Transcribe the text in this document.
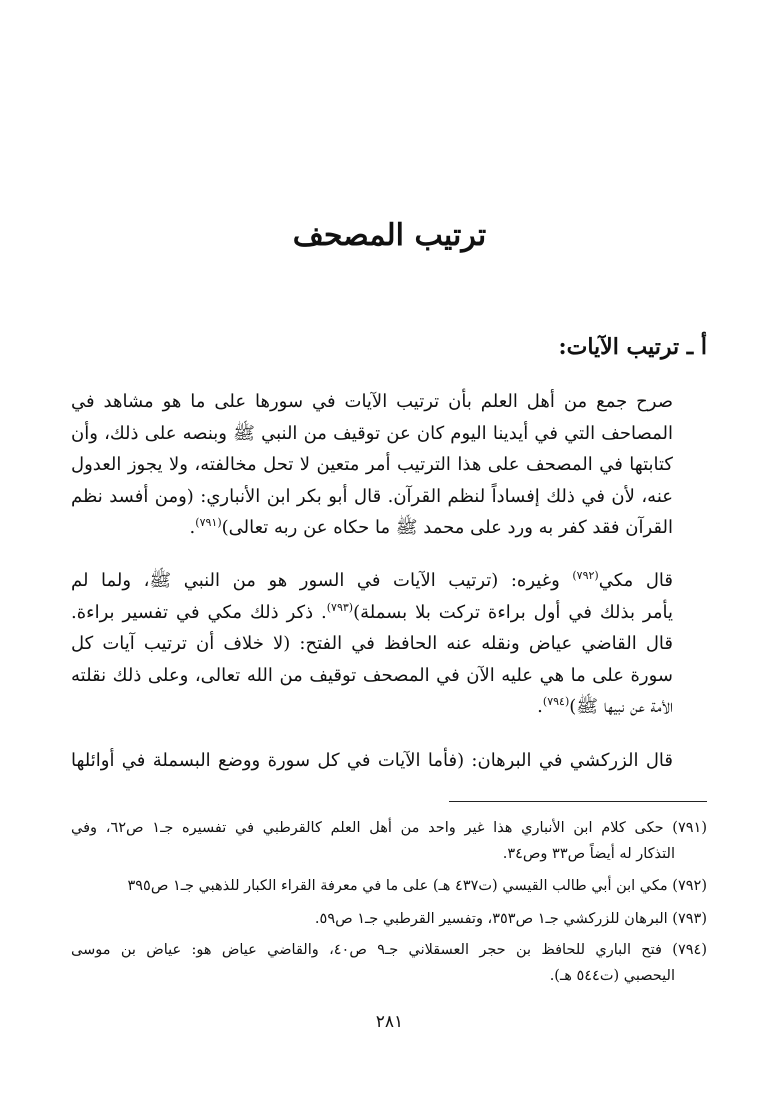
ترتيب المصحف
أ ـ ترتيب الآيات:
صرح جمع من أهل العلم بأن ترتيب الآيات في سورها على ما هو مشاهد في
المصاحف التي في أيدينا اليوم كان عن توقيف من النبي ﷺ وبنصه على ذلك، وأن
كتابتها في المصحف على هذا الترتيب أمر متعين لا تحل مخالفته، ولا يجوز العدول
عنه، لأن في ذلك إفساداً لنظم القرآن. قال أبو بكر ابن الأنباري: (ومن أفسد نظم
القرآن فقد كفر به ورد على محمد ﷺ ما حكاه عن ربه تعالى)$^{(٧٩١)}$.
قال مكي$^{(٧٩٢)}$ وغيره: (ترتيب الآيات في السور هو من النبي ﷺ، ولما لم
يأمر بذلك في أول براءة تركت بلا بسملة)$^{(٧٩٣)}$. ذكر ذلك مكي في تفسير براءة.
قال القاضي عياض ونقله عنه الحافظ في الفتح: (لا خلاف أن ترتيب آيات كل
سورة على ما هي عليه الآن في المصحف توقيف من الله تعالى، وعلى ذلك نقلته
الأمة عن نبيها ﷺ)$^{(٧٩٤)}$.
قال الزركشي في البرهان: (فأما الآيات في كل سورة ووضع البسملة في أوائلها
(٧٩١) حكى كلام ابن الأنباري هذا غير واحد من أهل العلم كالقرطبي في تفسيره جـ١ ص٦٢، وفي
التذكار له أيضاً ص٣٣ وص٣٤.
(٧٩٢) مكي ابن أبي طالب القيسي (ت٤٣٧ هـ) على ما في معرفة القراء الكبار للذهبي جـ١ ص٣٩٥
(٧٩٣) البرهان للزركشي جـ١ ص٣٥٣، وتفسير القرطبي جـ١ ص٥٩.
(٧٩٤) فتح الباري للحافظ بن حجر العسقلاني جـ٩ ص٤٠، والقاضي عياض هو: عياض بن موسى
اليحصبي (ت٥٤٤ هـ).

٢٨١
